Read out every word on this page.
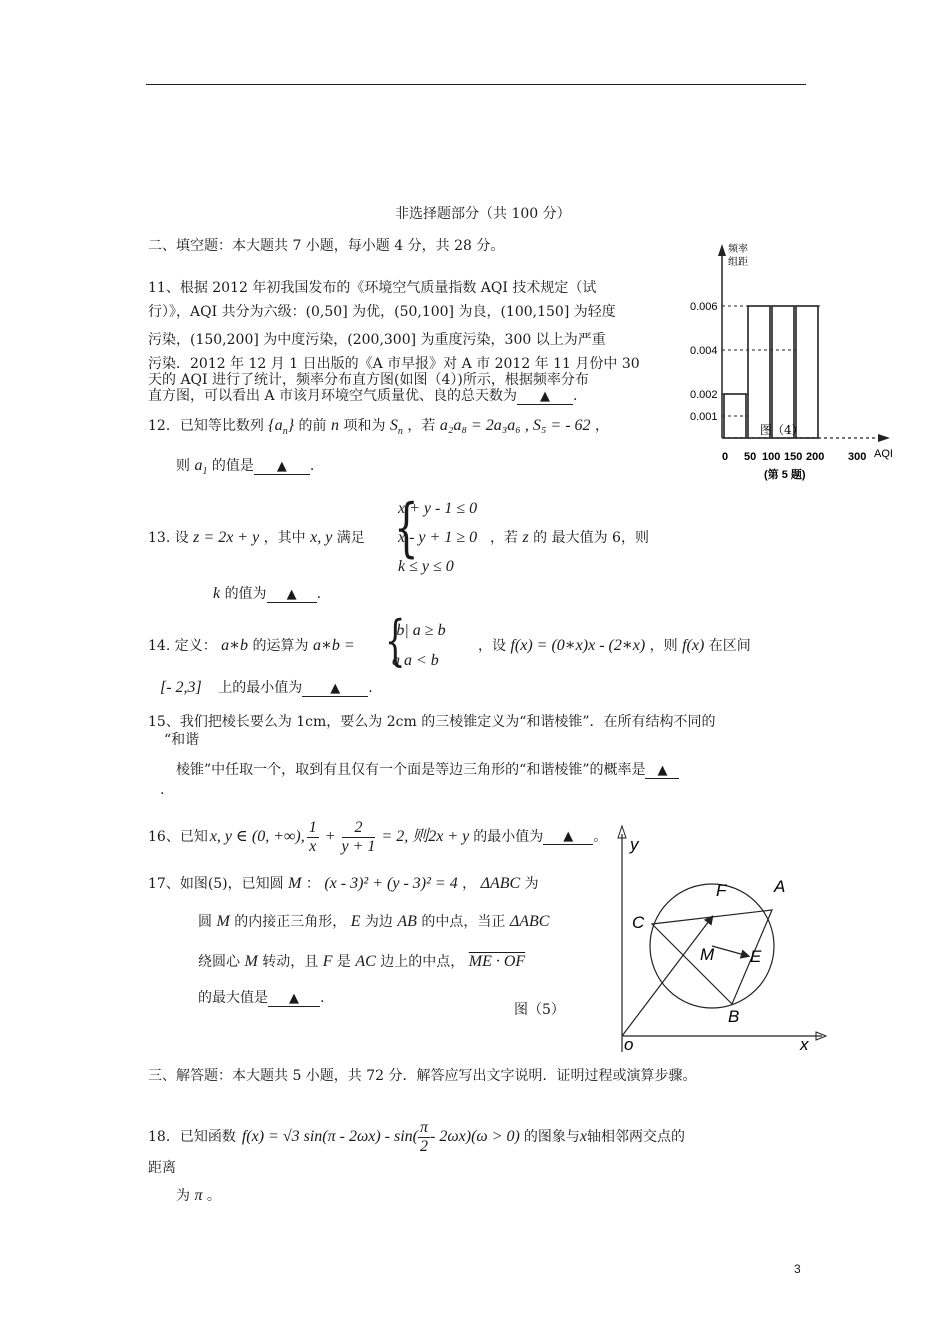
非选择题部分（共 100 分）
二、填空题：本大题共 7 小题，每小题 4 分，共 28 分。
11、根据 2012 年初我国发布的《环境空气质量指数 AQI 技术规定（试
行）》，AQI 共分为六级：(0,50] 为优，(50,100] 为良，(100,150] 为轻度
污染，(150,200] 为中度污染，(200,300] 为重度污染，300 以上为严重
污染．2012 年 12 月 1 日出版的《A 市早报》对 A 市 2012 年 11 月份中 30
天的 AQI 进行了统计，频率分布直方图(如图（4）)所示，根据频率分布
直方图，可以看出 A 市该月环境空气质量优、良的总天数为 ▲ .
12．已知等比数列 $\{a_n\}$ 的前 n 项和为 $S_n$ ，若 a₂a₈ = 2a₃a₆ , S₅ = - 62 ，
则 $a_1$ 的值是 ▲ .
13. 设 z = 2x + y ，其中 x, y 满足 {
x + y - 1 ≤ 0
x - y + 1 ≥ 0
k ≤ y ≤ 0
，若 z 的 最大值为 6，则
k 的值为 ▲ .
14. 定义： a∗b 的运算为 a∗b = {
|b| a ≥ b
a a < b
，设 f(x) = (0∗x)x - (2∗x) ，则 f(x) 在区间
[- 2,3] 上的最小值为 ▲ .
15、我们把棱长要么为 1cm，要么为 2cm 的三棱锥定义为“和谐棱锥”．在所有结构不同的
“和谐
棱锥”中任取一个，取到有且仅有一个面是等边三角形的“和谐棱锥”的概率是 ▲
.
16、已知 x, y ∈ (0, +∞), $\frac{1}{x} + \frac{2}{y + 1} = 2$, 则2x + y 的最小值为	▲	。
17、如图(5)，已知圆 M ： (x - 3)² + (y - 3)² = 4 ， ΔABC 为
圆 M 的内接正三角形， E 为边 AB 的中点，当正 ΔABC
绕圆心 M 转动，且 F 是 AC 边上的中点， ME · OF
的最大值是 ▲ .
频率
组距
0.006
0.004
0.002
0.001
0 50 100 150 200 300 AQI
图（4）
(第 5 题)
F	A
C
M E
B
o	x
y
图（5）
三、解答题：本大题共 5 小题，共 72 分．解答应写出文字说明．证明过程或演算步骤。
18．已知函数 f(x) = √3 $\sin(\pi - 2\omega x) - \sin( \frac{\pi}{2} - 2\omega x)(\omega > 0)$ 的图象与 x 轴相邻两交点的
距离
为 π 。
3
